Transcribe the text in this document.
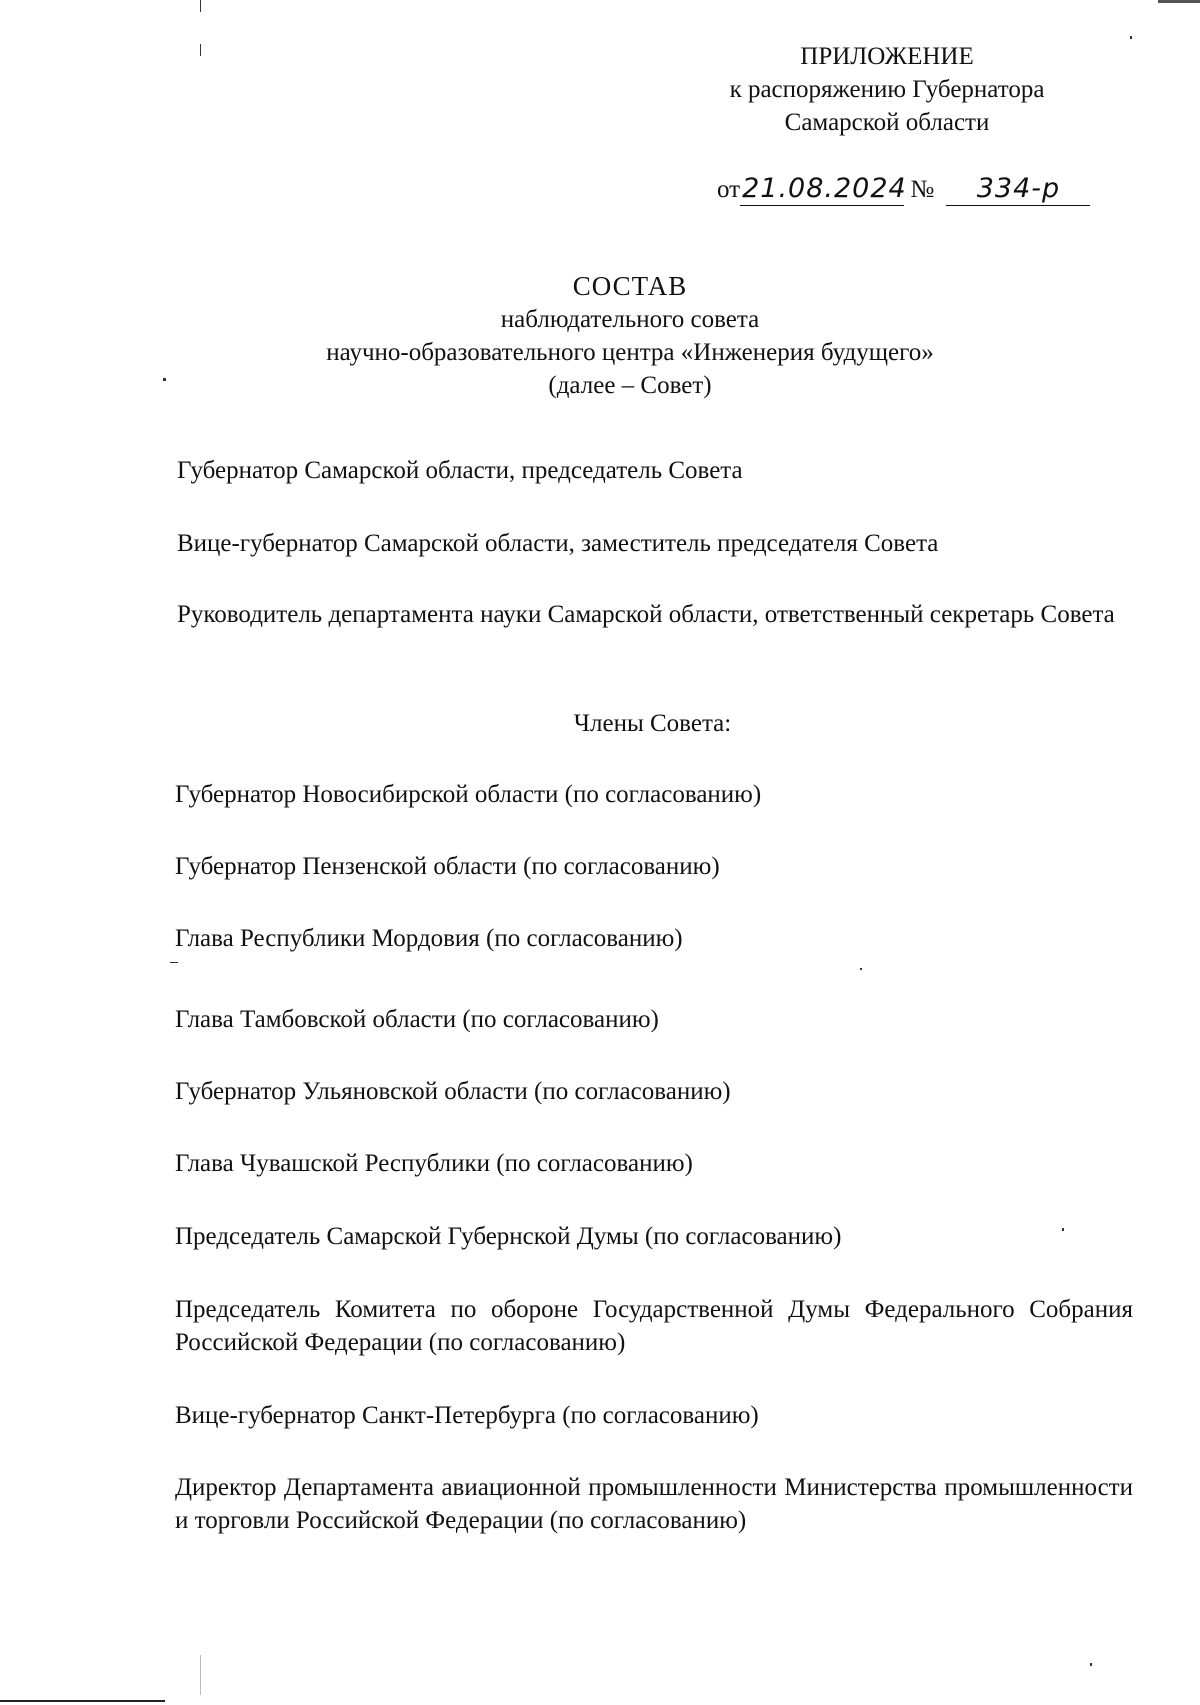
ПРИЛОЖЕНИЕ
к распоряжению Губернатора
Самарской области
от21.08.2024 № 334-р
СОСТАВ
наблюдательного совета
научно-образовательного центра «Инженерия будущего»
(далее – Совет)
Губернатор Самарской области, председатель Совета
Вице-губернатор Самарской области, заместитель председателя Совета
Руководитель департамента науки Самарской области, ответственный секретарь Совета
Члены Совета:
Губернатор Новосибирской области (по согласованию)
Губернатор Пензенской области (по согласованию)
Глава Республики Мордовия (по согласованию)
Глава Тамбовской области (по согласованию)
Губернатор Ульяновской области (по согласованию)
Глава Чувашской Республики (по согласованию)
Председатель Самарской Губернской Думы (по согласованию)
Председатель Комитета по обороне Государственной Думы Федерального Собрания Российской Федерации (по согласованию)
Вице-губернатор Санкт-Петербурга (по согласованию)
Директор Департамента авиационной промышленности Министерства промышленности и торговли Российской Федерации (по согласованию)
